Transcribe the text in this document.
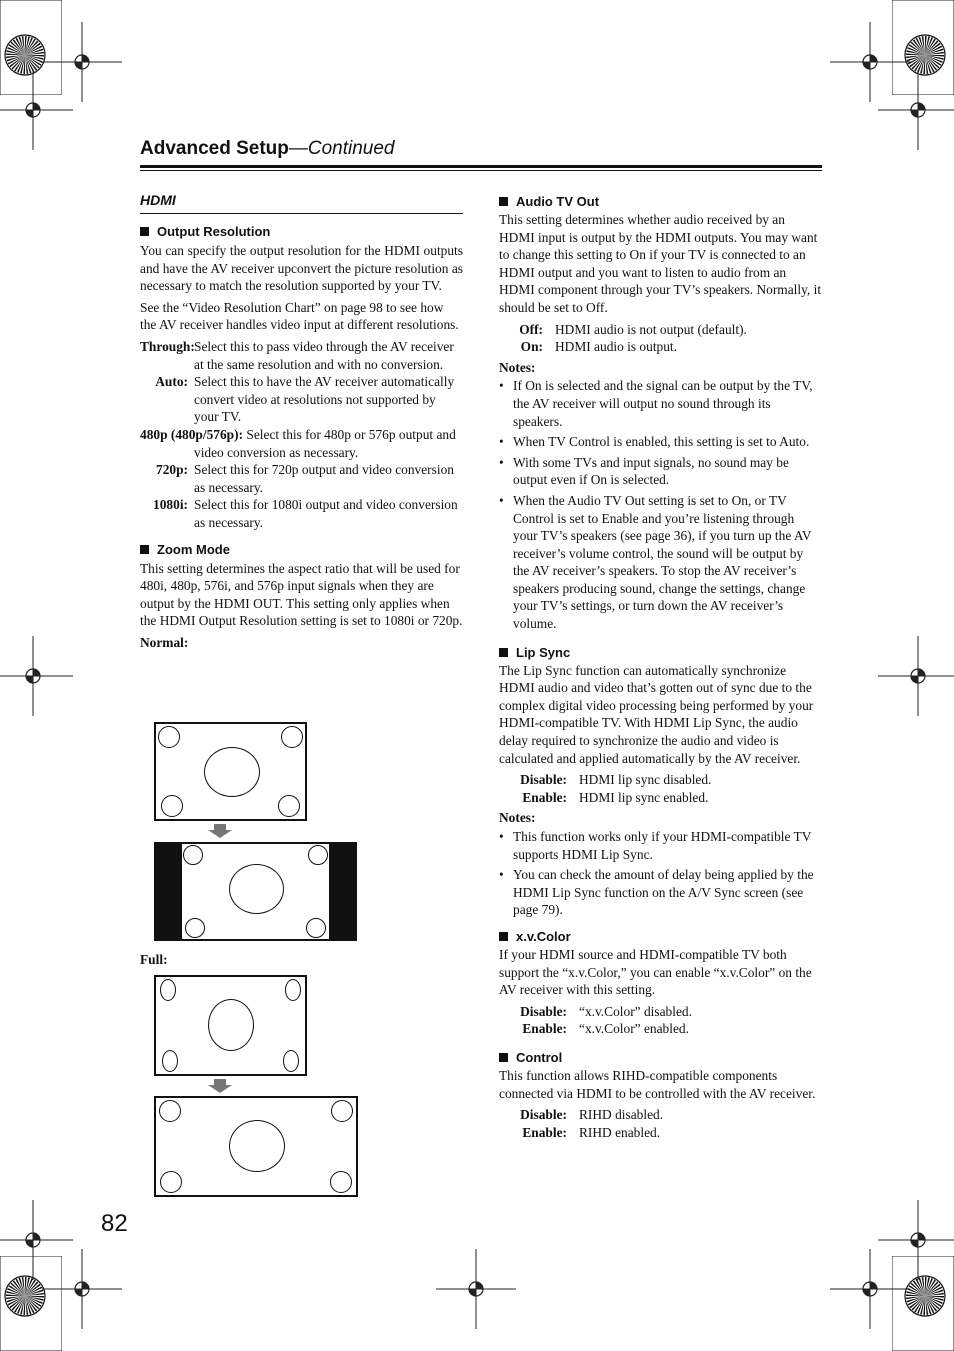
Advanced Setup—Continued
HDMI
Output Resolution

You can specify the output resolution for the HDMI outputs and have the AV receiver upconvert the picture resolution as necessary to match the resolution supported by your TV.

See the “Video Resolution Chart” on page 98 to see how the AV receiver handles video input at different resolutions.

Through: Select this to pass video through the AV receiver at the same resolution and with no conversion.
Auto: Select this to have the AV receiver automatically convert video at resolutions not supported by your TV.
480p (480p/576p): Select this for 480p or 576p output and video conversion as necessary.
720p: Select this for 720p output and video conversion as necessary.
1080i: Select this for 1080i output and video conversion as necessary.
Zoom Mode

This setting determines the aspect ratio that will be used for 480i, 480p, 576i, and 576p input signals when they are output by the HDMI OUT. This setting only applies when the HDMI Output Resolution setting is set to 1080i or 720p.

Normal:
Full:
Audio TV Out

This setting determines whether audio received by an HDMI input is output by the HDMI outputs. You may want to change this setting to On if your TV is connected to an HDMI output and you want to listen to audio from an HDMI component through your TV’s speakers. Normally, it should be set to Off.

Off: HDMI audio is not output (default).
On: HDMI audio is output.
Notes:
• If On is selected and the signal can be output by the TV, the AV receiver will output no sound through its speakers.
• When TV Control is enabled, this setting is set to Auto.
• With some TVs and input signals, no sound may be output even if On is selected.
• When the Audio TV Out setting is set to On, or TV Control is set to Enable and you’re listening through your TV’s speakers (see page 36), if you turn up the AV receiver’s volume control, the sound will be output by the AV receiver’s speakers. To stop the AV receiver’s speakers producing sound, change the settings, change your TV’s settings, or turn down the AV receiver’s volume.
Lip Sync

The Lip Sync function can automatically synchronize HDMI audio and video that’s gotten out of sync due to the complex digital video processing being performed by your HDMI-compatible TV. With HDMI Lip Sync, the audio delay required to synchronize the audio and video is calculated and applied automatically by the AV receiver.

Disable: HDMI lip sync disabled.
Enable: HDMI lip sync enabled.
Notes:
• This function works only if your HDMI-compatible TV supports HDMI Lip Sync.
• You can check the amount of delay being applied by the HDMI Lip Sync function on the A/V Sync screen (see page 79).
x.v.Color

If your HDMI source and HDMI-compatible TV both support the “x.v.Color,” you can enable “x.v.Color” on the AV receiver with this setting.

Disable: “x.v.Color” disabled.
Enable: “x.v.Color” enabled.
Control

This function allows RIHD-compatible components connected via HDMI to be controlled with the AV receiver.

Disable: RIHD disabled.
Enable: RIHD enabled.
82
